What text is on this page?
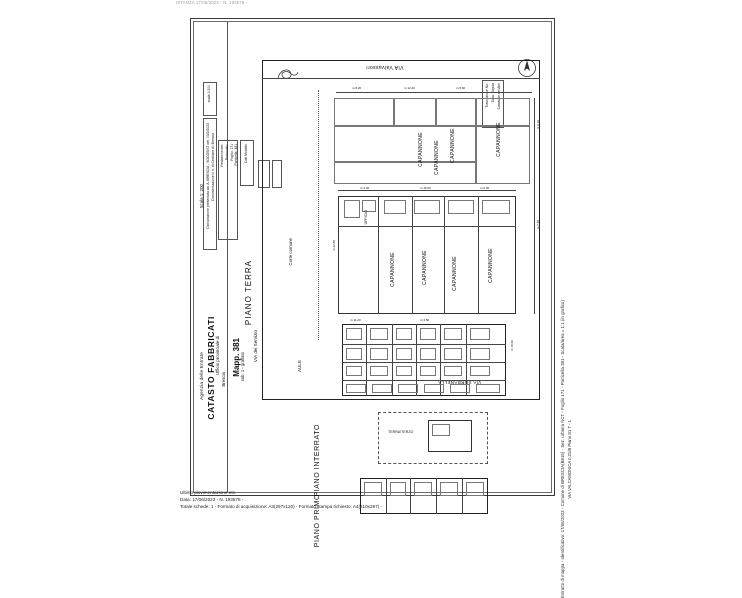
ISTANZA 17/06/2023 - N. 193578 -
Agenzia delle Entrate CATASTO FABBRICATI Ufficio provinciale di
Brescia
Scala 1: 200
Mapp. 381 sub. 1 - graffato
Dichiarazione presentata da: A. BRESCIA - SOCOSIST del. 03/2/2023 Documentazione in n. di Cedolare di: Brescia
scala 1:200
Redazione del: Protocollo: Foglio: 171 Particella: 381
Trascrizione No: Data. Stipula Catastale del Altri
Dati Modello
VIA Valvassori
CAPANNONE CAPANNONE CAPANNONE	CAPANNONE
CAPANNONE	CAPANNONE	CAPANNONE	CAPANNONE
UFFICIO
Corte comune
PIANO TERRA
VIA dei Servizio
AULE
VIA SORBANELLA
PIANO INTERRATO	TERRA/TERZO
PIANO PRIMO
m 8.20	m 12.40	m 5.60
m 9.10
m 7.40
m 4.20	m 15.00	m 6.30
m 11.20	m 3.50
m 22.80
m 18.60	Estratto di mappa - Identificativo: 17/06/2023 - Comune di BRESCIA(B815) - Sez. urbana NCT - Foglio 171 - Particella 381 - Scala/area = 1:1 (in grafico) VIA VALCAMONICA n.21/B Piano S1 T - 1
Ultimo plovimentazione etc.
Data: 17/06/2023 - N. 193578 -
Totale schede: 1 - Formato di acquisizione: A3(297x120) - Formato stampa richiesto: A4(210x297) -
